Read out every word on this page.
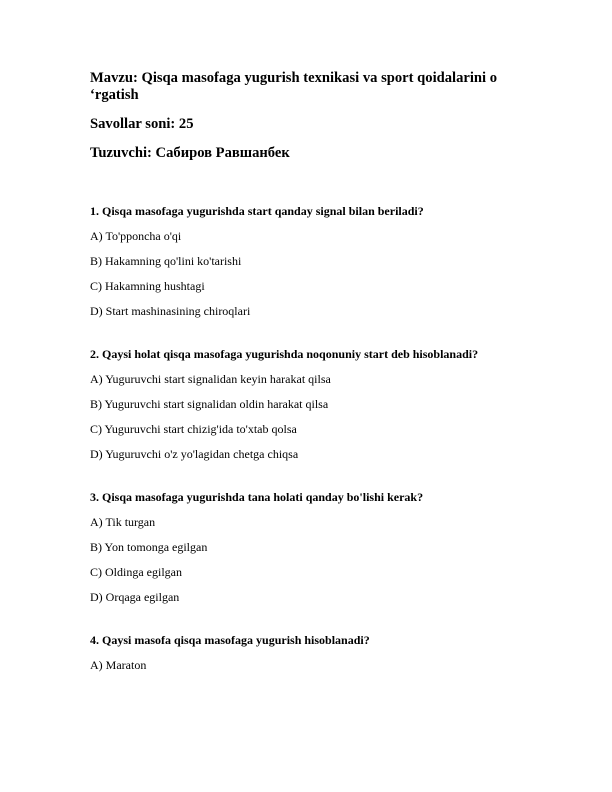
Mavzu: Qisqa masofaga yugurish texnikasi va sport qoidalarini o
ʻrgatish

Savollar soni: 25

Tuzuvchi: Сабиров Равшанбек

1. Qisqa masofaga yugurishda start qanday signal bilan beriladi?

A) To'pponcha o'qi

B) Hakamning qo'lini ko'tarishi

C) Hakamning hushtagi

D) Start mashinasining chiroqlari

2. Qaysi holat qisqa masofaga yugurishda noqonuniy start deb hisoblanadi?

A) Yuguruvchi start signalidan keyin harakat qilsa

B) Yuguruvchi start signalidan oldin harakat qilsa

C) Yuguruvchi start chizig'ida to'xtab qolsa

D) Yuguruvchi o'z yo'lagidan chetga chiqsa

3. Qisqa masofaga yugurishda tana holati qanday bo'lishi kerak?

A) Tik turgan

B) Yon tomonga egilgan

C) Oldinga egilgan

D) Orqaga egilgan

4. Qaysi masofa qisqa masofaga yugurish hisoblanadi?

A) Maraton
